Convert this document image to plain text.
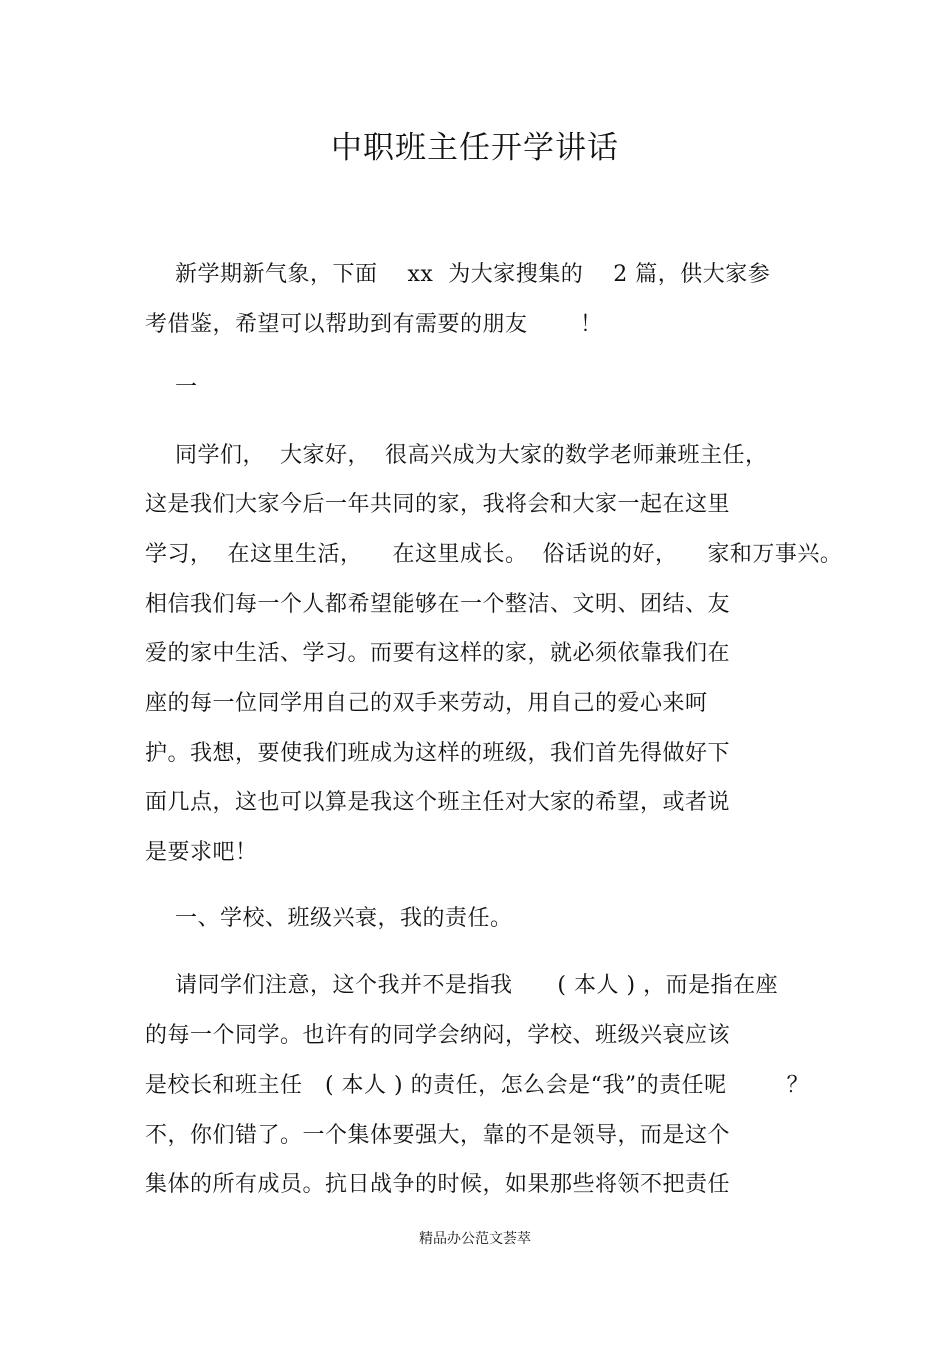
中职班主任开学讲话
新学期新气象，下面    xx  为大家搜集的    2 篇，供大家参
考借鉴，希望可以帮助到有需要的朋友       ！
一
同学们，  大家好，  很高兴成为大家的数学老师兼班主任，
这是我们大家今后一年共同的家，我将会和大家一起在这里
学习，  在这里生活，    在这里成长。  俗话说的好，    家和万事兴。
相信我们每一个人都希望能够在一个整洁、文明、团结、友
爱的家中生活、学习。而要有这样的家，就必须依靠我们在
座的每一位同学用自己的双手来劳动，用自己的爱心来呵
护。我想，要使我们班成为这样的班级，我们首先得做好下
面几点，这也可以算是我这个班主任对大家的希望，或者说
是要求吧！
一、学校、班级兴衰，我的责任。
请同学们注意，这个我并不是指我      ( 本人 ) ，而是指在座
的每一个同学。也许有的同学会纳闷，学校、班级兴衰应该
是校长和班主任   ( 本人 ) 的责任，怎么会是“我”的责任呢        ？
不，你们错了。一个集体要强大，靠的不是领导，而是这个
集体的所有成员。抗日战争的时候，如果那些将领不把责任
精品办公范文荟萃
